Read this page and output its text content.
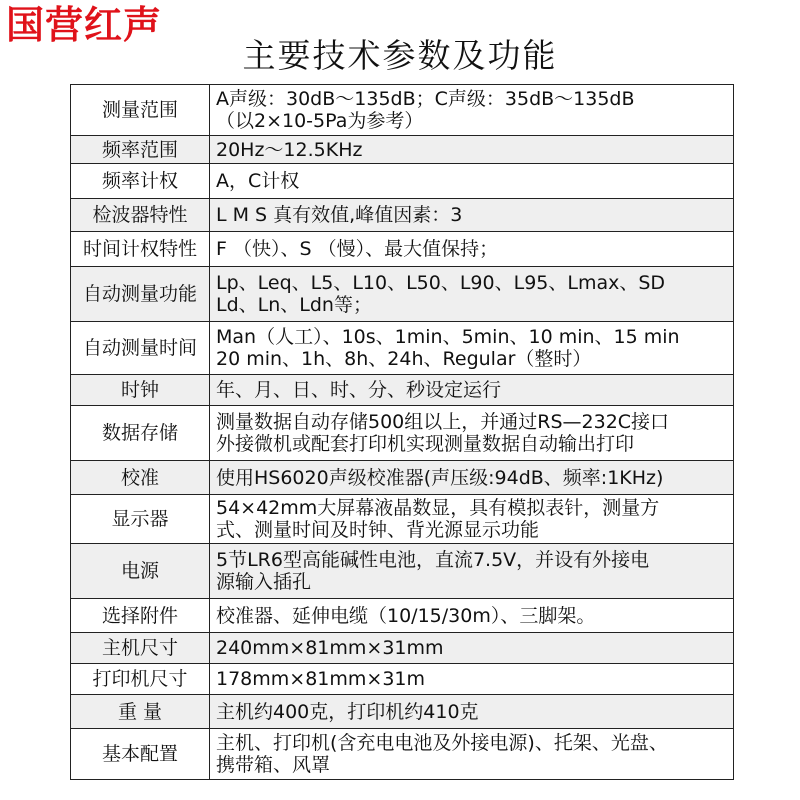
国营红声
主要技术参数及功能
测量范围	A声级：30dB～135dB；C声级：35dB～135dB
（以2×10-5Pa为参考）

频率范围	20Hz～12.5KHz

频率计权	A，C计权

检波器特性	L M S 真有效值,峰值因素：3

时间计权特性	F （快）、S （慢）、最大值保持；

自动测量功能	Lp、Leq、L5、L10、L50、L90、L95、Lmax、SD
Ld、Ln、Ldn等；

自动测量时间	Man（人工）、10s、1min、5min、10 min、15 min
20 min、1h、8h、24h、Regular（整时）

时钟	年、月、日、时、分、秒设定运行

数据存储	测量数据自动存储500组以上，并通过RS—232C接口
外接微机或配套打印机实现测量数据自动输出打印

校准	使用HS6020声级校准器(声压级:94dB、频率:1KHz)

显示器	54×42mm大屏幕液晶数显，具有模拟表针，测量方
式、测量时间及时钟、背光源显示功能

电源	5节LR6型高能碱性电池，直流7.5V，并设有外接电
源输入插孔

选择附件	校准器、延伸电缆（10/15/30m）、三脚架。

主机尺寸	240mm×81mm×31mm

打印机尺寸	178mm×81mm×31m

重 量	主机约400克，打印机约410克

基本配置	主机、打印机(含充电电池及外接电源)、托架、光盘、
携带箱、风罩
